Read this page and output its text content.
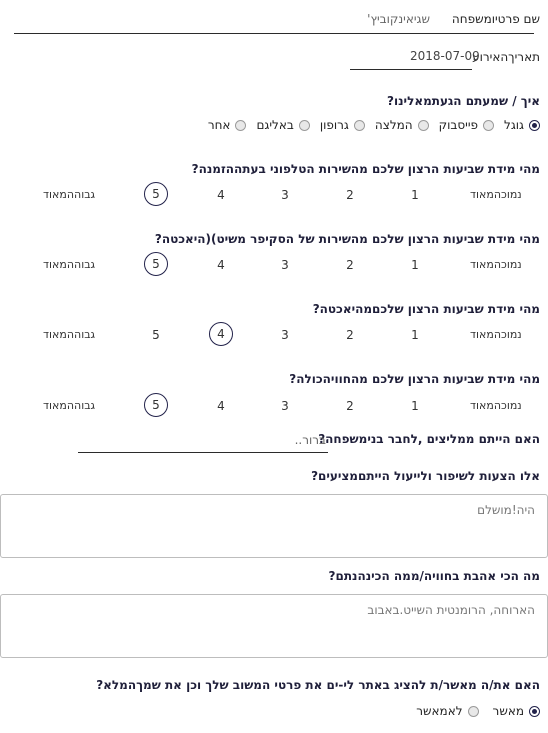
שם פרטיומשפחה
שגיאינקוביץ'
תאריךהאירוע
2018-07-09
איך / שמעתם הגעתמאלינו?
גוגל
פייסבוק
המלצה
גרופון
באליגם
אחר
מהי מידת שביעות הרצון שלכם מהשירות הטלפוני בעתההזמנה?
נמוכהמאוד
1
2
3
4
5
גבוההמאוד
מהי מידת שביעות הרצון שלכם מהשירות של הסקיפר משיט)(היאכטה?
נמוכהמאוד
1
2
3
4
5
גבוההמאוד
מהי מידת שביעות הרצון שלכםמהיאכטה?
נמוכהמאוד
1
2
3
4
5
גבוההמאוד
מהי מידת שביעות הרצון שלכם מהחוויהכולה?
נמוכהמאוד
1
2
3
4
5
גבוההמאוד
האם הייתם ממליצים ,לחבר בנימשפחה?
ברור..
אלו הצעות לשיפור ולייעול הייתםמציעים?
היה!מושלם
מה הכי אהבת בחוויה/ממה הכינהנתם?
הארוחה, הרומנטית השייט.באבוב
האם את/ה מאשר/ת להציג באתר לי-ים את פרטי המשוב שלך וכן את שמךהמלא?
מאשר
לאמאשר
